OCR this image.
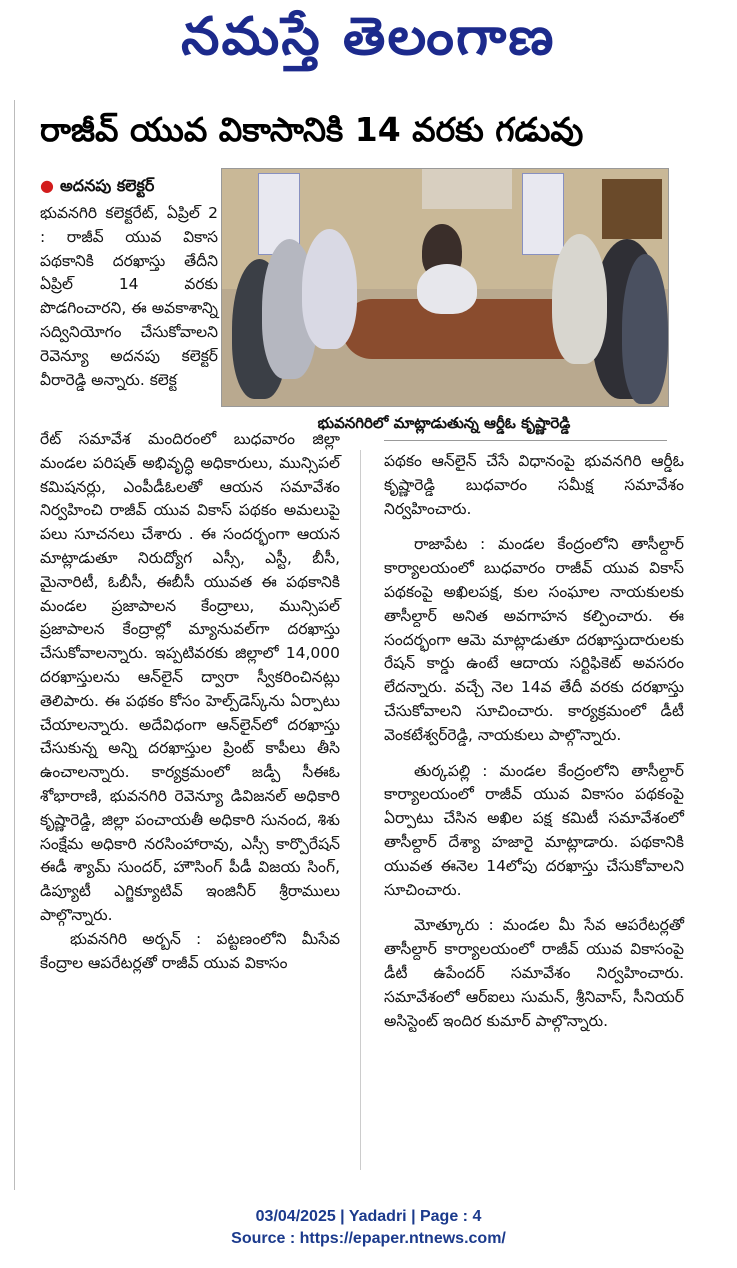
నమస్తే తెలంగాణ
రాజీవ్ యువ వికాసానికి 14 వరకు గడువు
● అదనపు కలెక్టర్

భువనగిరి కలెక్టరేట్, ఏప్రిల్ 2 : రాజీవ్ యువ వికాస పథకానికి దరఖాస్తు తేదీని ఏప్రిల్ 14 వరకు పొడగించారని, ఈ అవకాశాన్ని సద్వినియోగం చేసుకోవాలని రెవెన్యూ అదనపు కలెక్టర్ వీరారెడ్డి అన్నారు. కలెక్ట

భువనగిరిలో మాట్లాడుతున్న ఆర్డీఓ కృష్ణారెడ్డి

రేట్ సమావేశ మందిరంలో బుధవారం జిల్లా మండల పరిషత్ అభివృద్ధి అధికారులు, మున్సిపల్ కమిషనర్లు, ఎంపీడీఓలతో ఆయన సమావేశం నిర్వహించి రాజీవ్ యువ వికాస్ పథకం అమలుపై పలు సూచనలు చేశారు . ఈ సందర్భంగా ఆయన మాట్లాడుతూ నిరుద్యోగ ఎస్సీ, ఎస్టీ, బీసీ, మైనారిటీ, ఓబీసీ, ఈబీసీ యువత ఈ పథకానికి మండల ప్రజాపాలన కేంద్రాలు, మున్సిపల్ ప్రజాపాలన కేంద్రాల్లో మ్యానువల్‌గా దరఖాస్తు చేసుకోవాలన్నారు. ఇప్పటివరకు జిల్లాలో 14,000 దరఖాస్తులను ఆన్‌లైన్ ద్వారా స్వీకరించినట్లు తెలిపారు. ఈ పథకం కోసం హెల్ప్‌డెస్క్‌ను ఏర్పాటు చేయాలన్నారు. అదేవిధంగా ఆన్‌లైన్‌లో దరఖాస్తు చేసుకున్న అన్ని దరఖాస్తుల ప్రింట్ కాపీలు తీసి ఉంచాలన్నారు. కార్యక్రమంలో జడ్పీ సీఈఓ శోభారాణి, భువనగిరి రెవెన్యూ డివిజనల్ అధికారి కృష్ణారెడ్డి, జిల్లా పంచాయతీ అధికారి సునంద, శిశు సంక్షేమ అధికారి నరసింహారావు, ఎస్సీ కార్పొరేషన్ ఈడీ శ్యామ్ సుందర్, హౌసింగ్ పీడీ విజయ సింగ్, డిప్యూటీ ఎగ్జిక్యూటివ్ ఇంజినీర్ శ్రీరాములు పాల్గొన్నారు.

భువనగిరి అర్బన్ : పట్టణంలోని మీసేవ కేంద్రాల ఆపరేటర్లతో రాజీవ్ యువ వికాసం

పథకం ఆన్‌లైన్ చేసే విధానంపై భువనగిరి ఆర్డీఓ కృష్ణారెడ్డి బుధవారం సమీక్ష సమావేశం నిర్వహించారు.

రాజాపేట : మండల కేంద్రంలోని తాసీల్దార్ కార్యాలయంలో బుధవారం రాజీవ్ యువ వికాస్ పథకంపై అఖిలపక్ష, కుల సంఘాల నాయకులకు తాసీల్దార్ అనిత అవగాహన కల్పించారు. ఈ సందర్భంగా ఆమె మాట్లాడుతూ దరఖాస్తుదారులకు రేషన్ కార్డు ఉంటే ఆదాయ సర్టిఫికెట్ అవసరం లేదన్నారు. వచ్చే నెల 14వ తేదీ వరకు దరఖాస్తు చేసుకోవాలని సూచించారు. కార్యక్రమంలో డీటీ వెంకటేశ్వర్‌రెడ్డి, నాయకులు పాల్గొన్నారు.

తుర్కపల్లి : మండల కేంద్రంలోని తాసీల్దార్ కార్యాలయంలో రాజీవ్ యువ వికాసం పథకంపై ఏర్పాటు చేసిన అఖిల పక్ష కమిటీ సమావేశంలో తాసీల్దార్ దేశ్యా హజారై మాట్లాడారు. పథకానికి యువత ఈనెల 14లోపు దరఖాస్తు చేసుకోవాలని సూచించారు.

మోత్కూరు : మండల మీ సేవ ఆపరేటర్లతో తాసీల్దార్ కార్యాలయంలో రాజీవ్ యువ వికాసంపై డీటీ ఉపేందర్ సమావేశం నిర్వహించారు. సమావేశంలో ఆర్ఐలు సుమన్, శ్రీనివాస్, సీనియర్ అసిస్టెంట్ ఇందిర కుమార్ పాల్గొన్నారు.

03/04/2025 | Yadadri | Page : 4
Source : https://epaper.ntnews.com/
